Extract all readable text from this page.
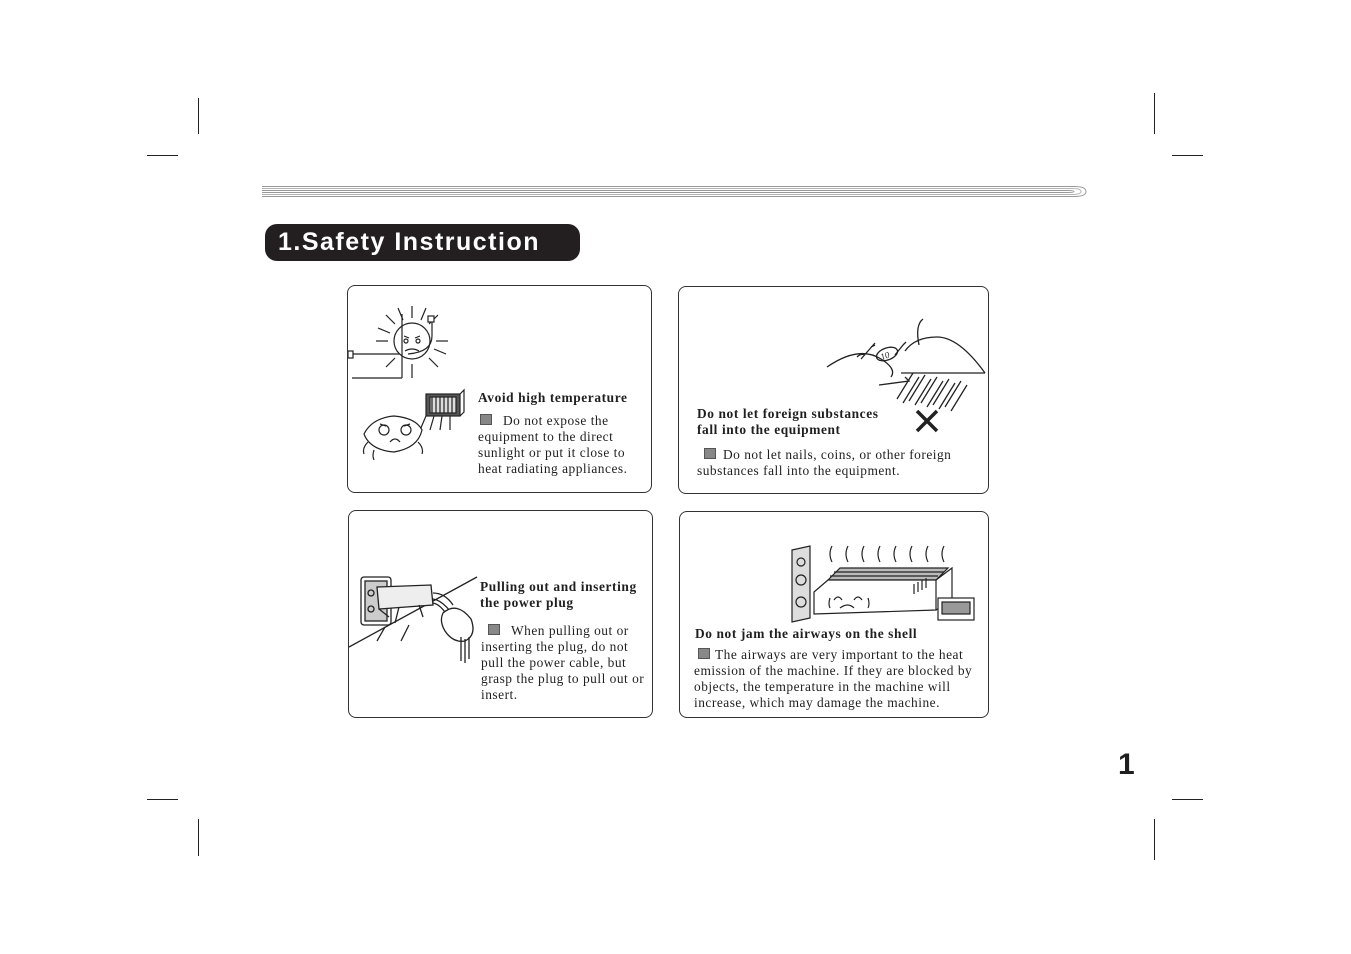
1.Safety Instruction

Avoid high temperature

Do not expose the equipment to the direct sunlight or put it close to heat radiating appliances.

10

Do not let foreign substances
fall into the equipment

Do not let nails, coins, or other foreign substances fall into the equipment.

Pulling out and inserting
the power plug

When pulling out or inserting the plug, do not pull the power cable, but grasp the plug to pull out or insert.

Do not jam the airways on the shell

The airways are very important to the heat emission of the machine. If they are blocked by objects, the temperature in the machine will increase, which may damage the machine.

1
